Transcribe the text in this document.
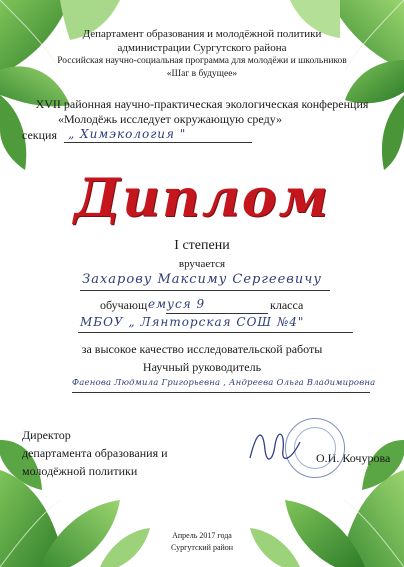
Департамент образования и молодёжной политики
администрации Сургутского района
Российская научно-социальная программа для молодёжи и школьников
«Шаг в будущее»
XVII районная научно-практическая экологическая конференция
«Молодёжь исследует окружающую среду»
секция „ Химэкология "
Диплом
I степени
вручается
Захарову Максиму Сергеевичу
обучающ емуся 9	класса
МБОУ „ Лянторская СОШ №4"
за высокое качество исследовательской работы
Научный руководитель
Фаенова Людмила Григорьевна , Андреева Ольга Владимировна
Директор
департамента образования и
молодёжной политики
О.И. Кочурова
Апрель 2017 года
Сургутский район
